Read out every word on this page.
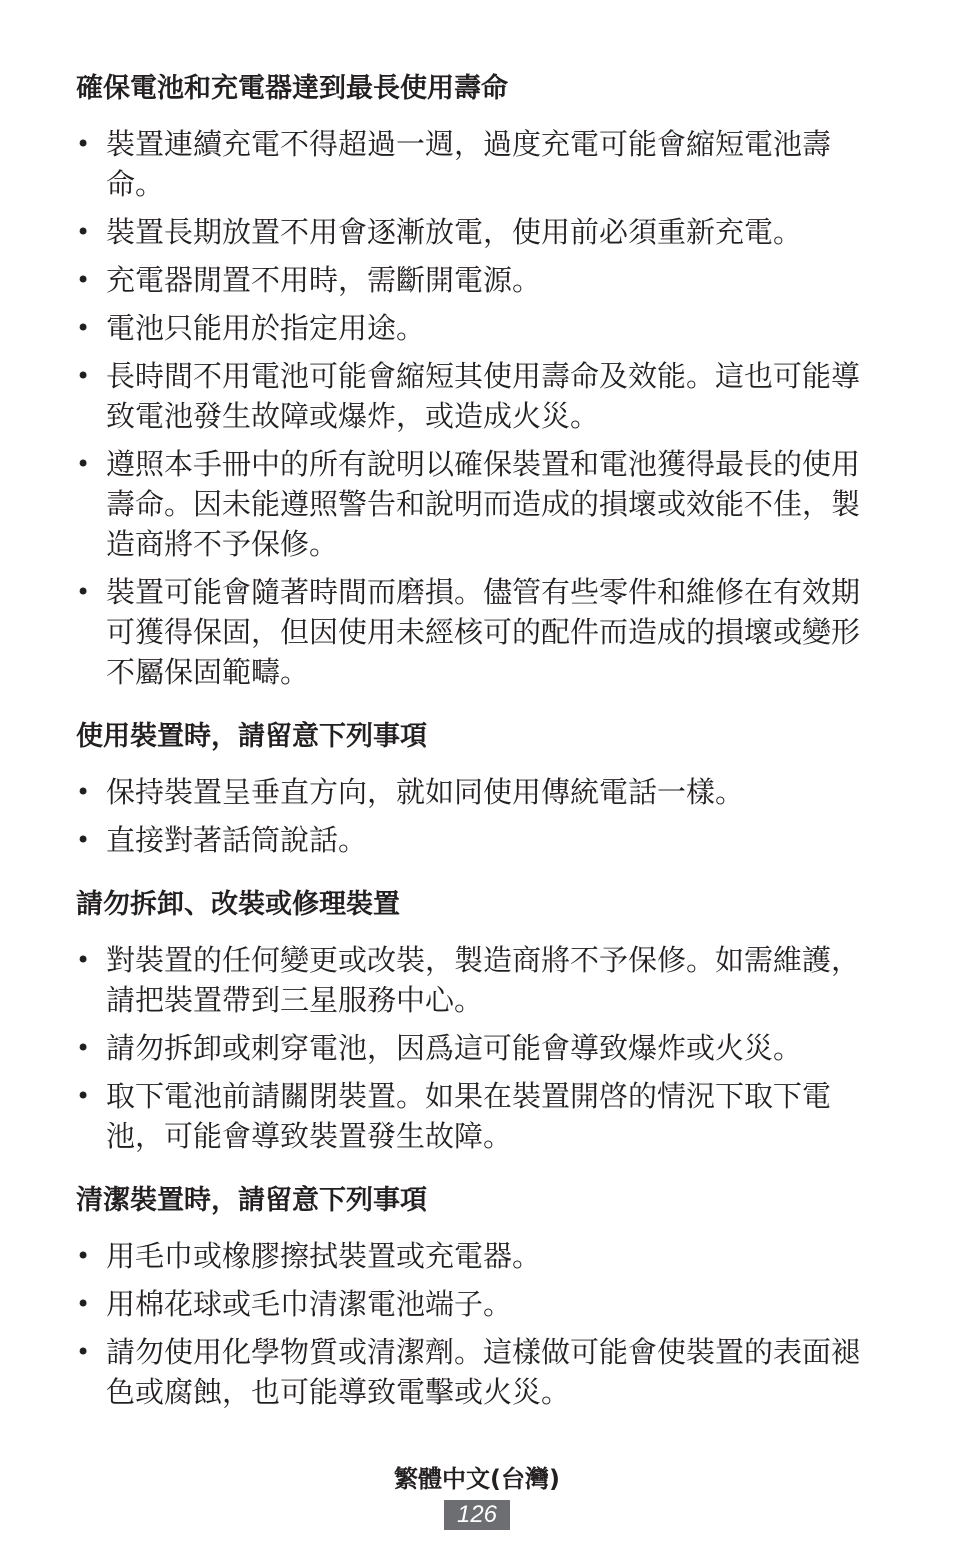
確保電池和充電器達到最長使用壽命
• 裝置連續充電不得超過一週，過度充電可能會縮短電池壽命。
• 裝置長期放置不用會逐漸放電，使用前必須重新充電。
• 充電器閒置不用時，需斷開電源。
• 電池只能用於指定用途。
• 長時間不用電池可能會縮短其使用壽命及效能。這也可能導致電池發生故障或爆炸，或造成火災。
• 遵照本手冊中的所有說明以確保裝置和電池獲得最長的使用壽命。因未能遵照警告和說明而造成的損壞或效能不佳，製造商將不予保修。
• 裝置可能會隨著時間而磨損。儘管有些零件和維修在有效期可獲得保固，但因使用未經核可的配件而造成的損壞或變形不屬保固範疇。
使用裝置時，請留意下列事項
• 保持裝置呈垂直方向，就如同使用傳統電話一樣。
• 直接對著話筒說話。
請勿拆卸、改裝或修理裝置
• 對裝置的任何變更或改裝，製造商將不予保修。如需維護，請把裝置帶到三星服務中心。
• 請勿拆卸或刺穿電池，因爲這可能會導致爆炸或火災。
• 取下電池前請關閉裝置。如果在裝置開啓的情況下取下電池，可能會導致裝置發生故障。
清潔裝置時，請留意下列事項
• 用毛巾或橡膠擦拭裝置或充電器。
• 用棉花球或毛巾清潔電池端子。
• 請勿使用化學物質或清潔劑。這樣做可能會使裝置的表面褪色或腐蝕，也可能導致電擊或火災。
繁體中文(台灣)
126
